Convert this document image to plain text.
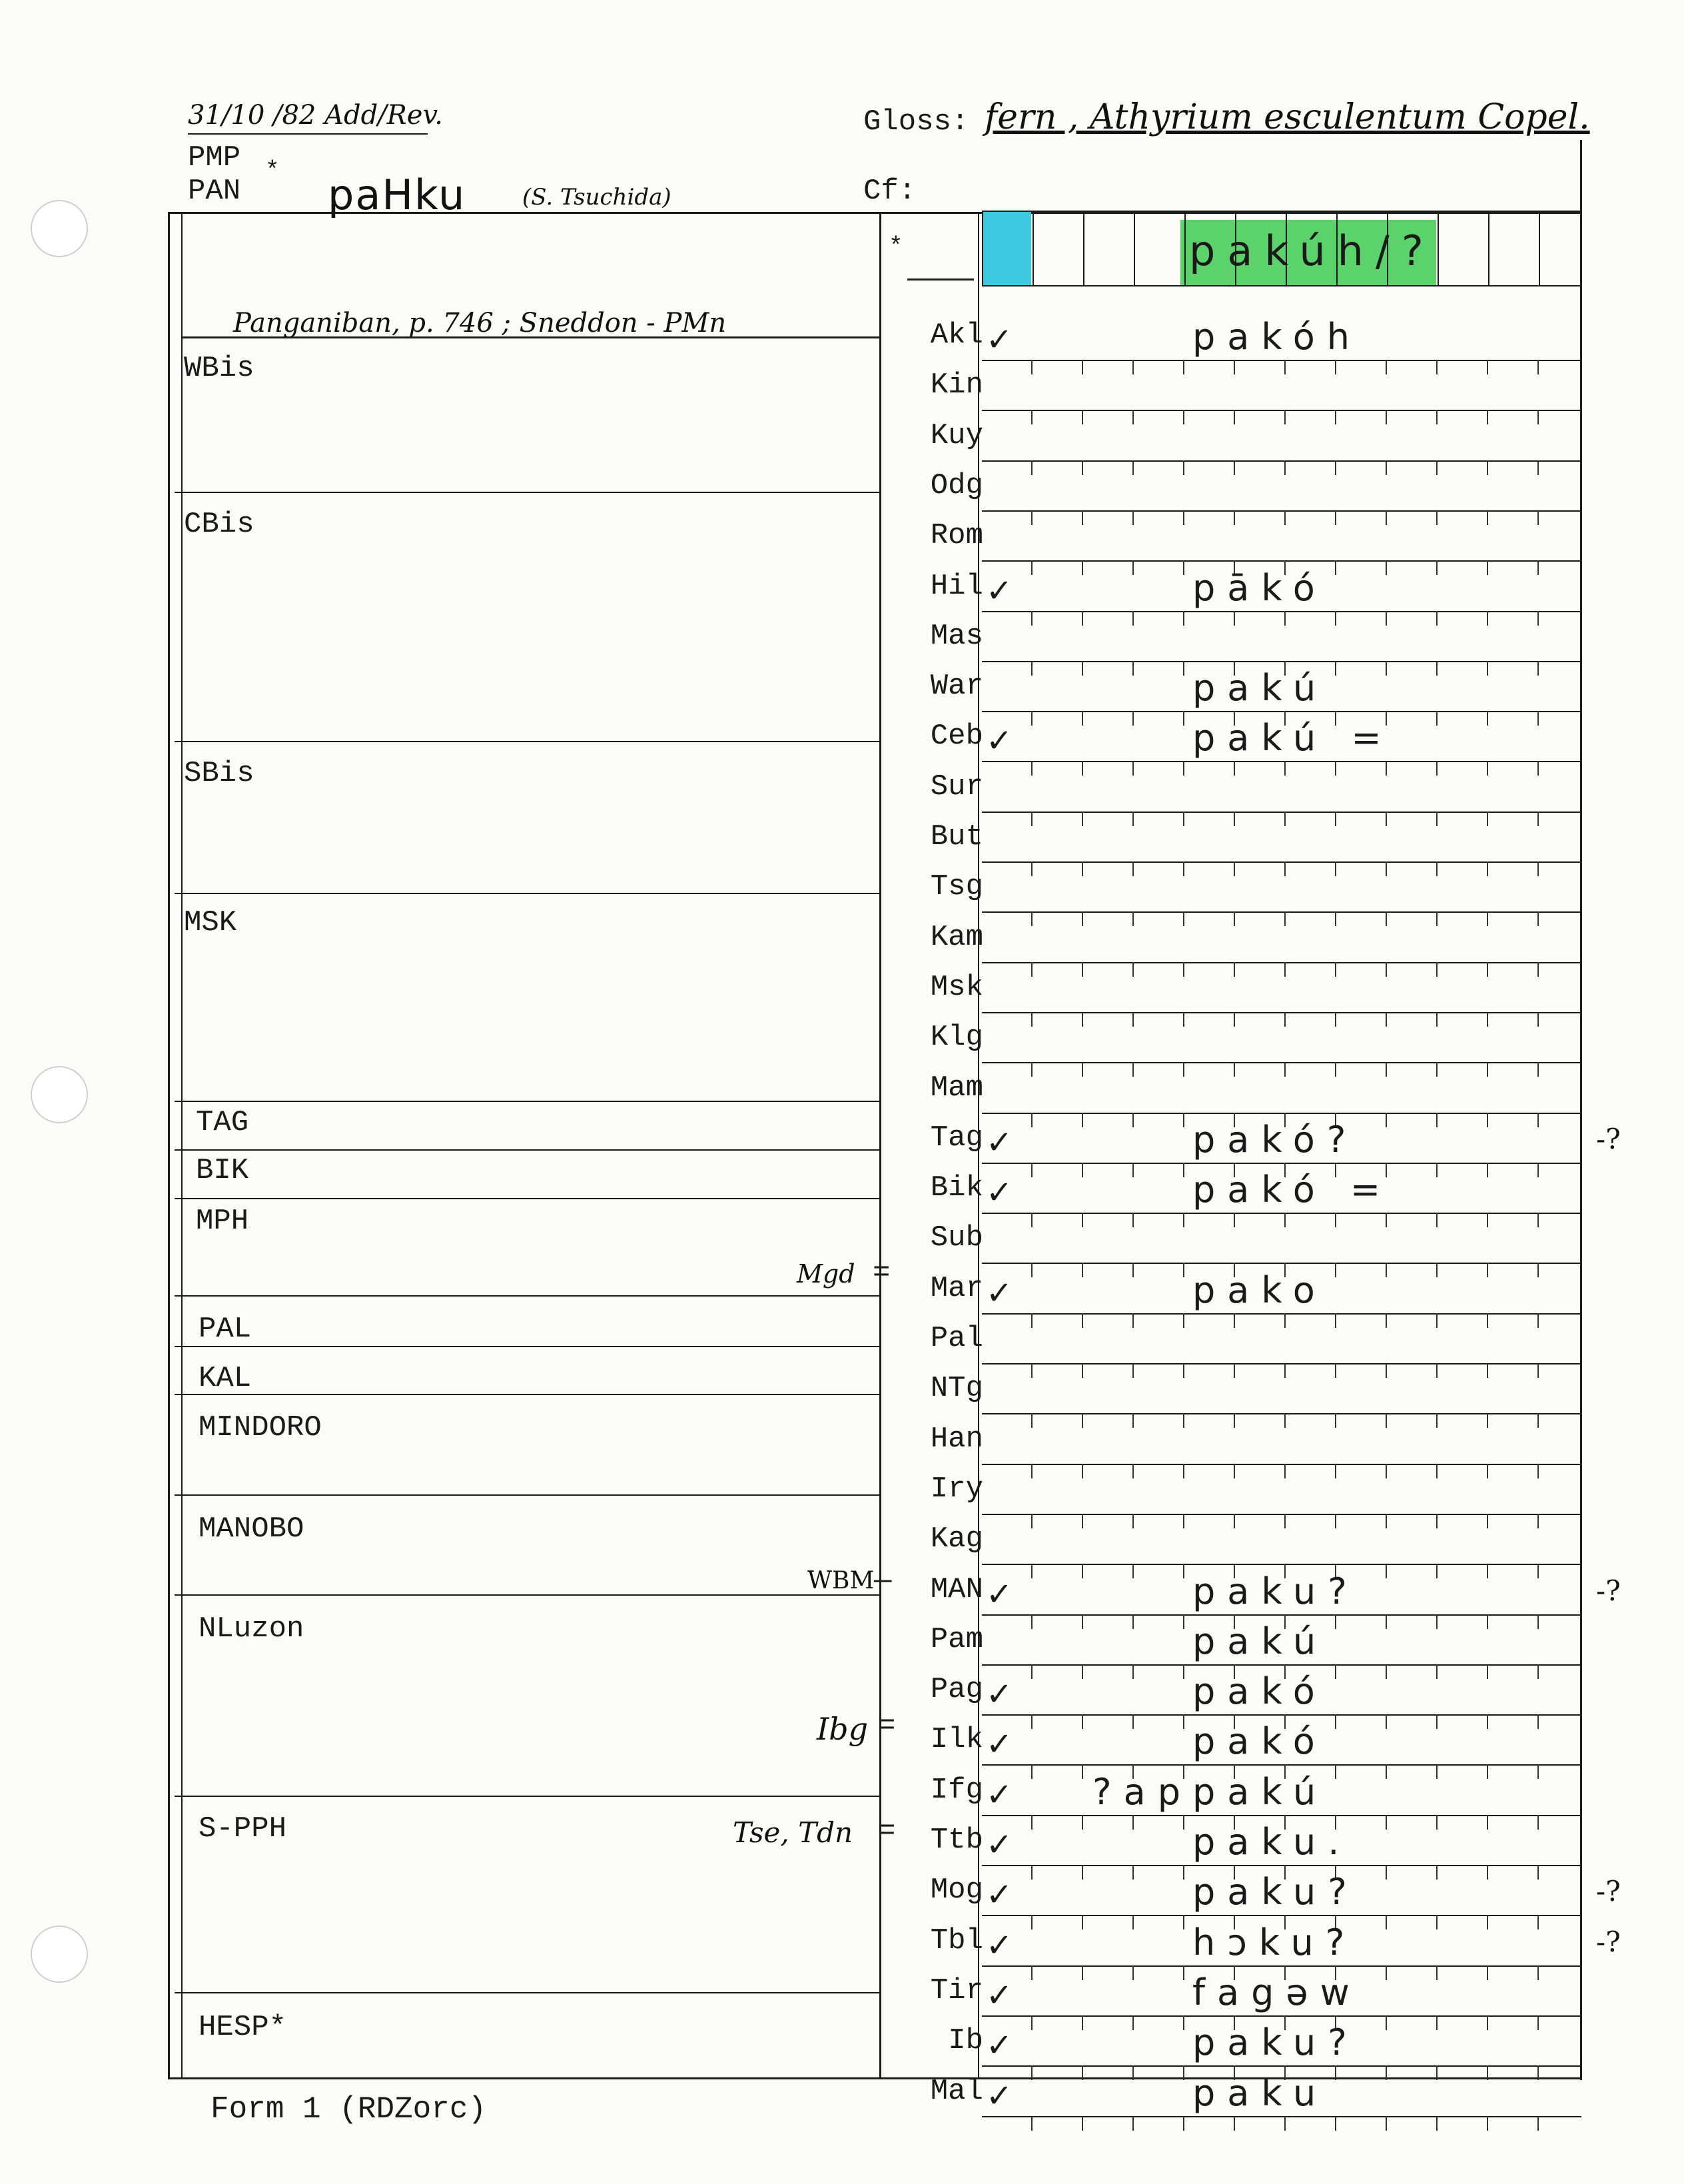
31/10 /82 Add/Rev.
PMP
PAN
* paHku (S. Tsuchida)
Gloss: fern , Athyrium esculentum Copel.
Cf:
Panganiban, p. 746 ; Sneddon - PMn
*	pakúh/?
WBis
CBis
SBis
MSK
TAG
BIK
MPH
PAL
KAL
MINDORO
MANOBO
NLuzon
S-PPH
HESP*
Akl ✓	pakóh
Kin
Kuy
Odg
Rom
Hil ✓	pākó
Mas
War	pakú
Ceb ✓	pakú =
Sur
But
Tsg
Kam
Msk
Klg
Mam
Tag ✓	pakó?	-?
Bik ✓	pakó =
Sub
Mar ✓	pako
Pal
NTg
Han
Iry
Kag
MAN ✓	paku?	-?
Pam	pakú
Pag ✓	pakó
Ilk ✓	pakó
Ifg ✓ ?appakú
Ttb ✓	paku.
Mog ✓	paku?	-?
Tbl ✓	hɔku?	-?
Tir ✓	fagəw
Ib ✓	paku?
Mal ✓	paku
Mgd =
WBM —
Ibg =
Tse, Tdn =
Form 1 (RDZorc)
